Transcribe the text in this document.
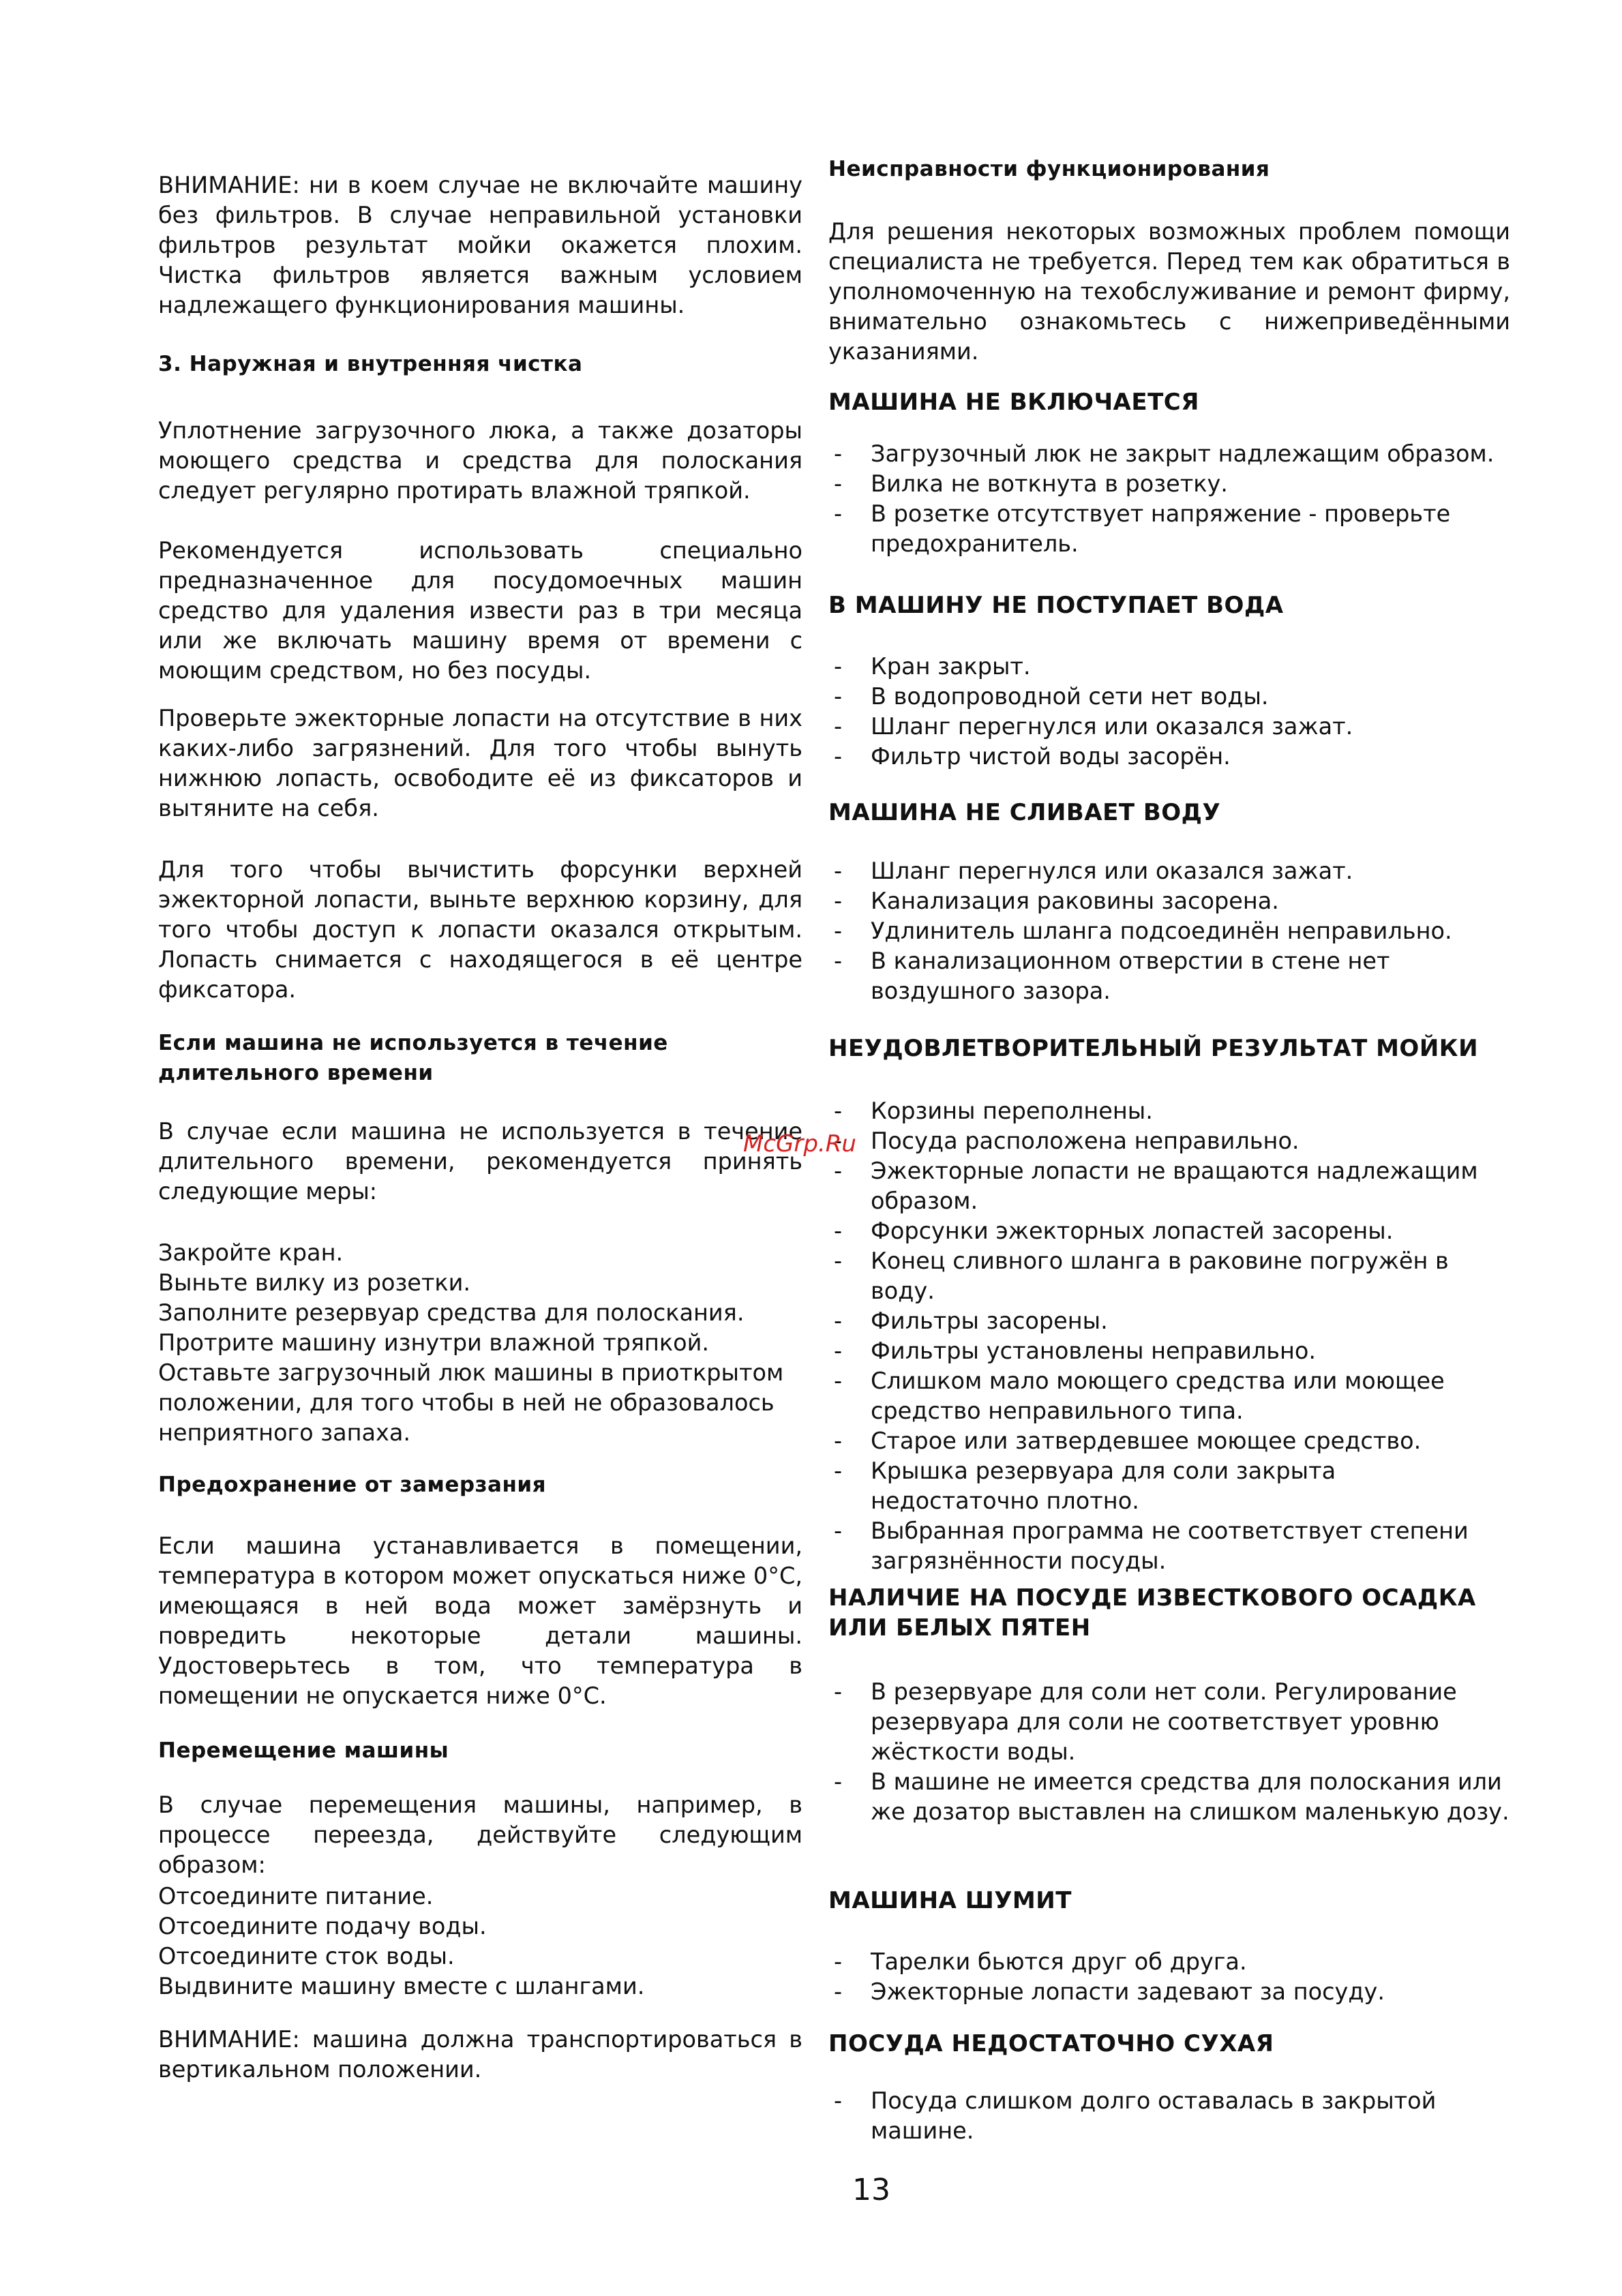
ВНИМАНИЕ: ни в коем случае не включайте машину без фильтров. В случае неправильной установки фильтров результат мойки окажется плохим. Чистка фильтров является важным условием надлежащего функционирования машины.

3. Наружная и внутренняя чистка

Уплотнение загрузочного люка, а также дозаторы моющего средства и средства для полоскания следует регулярно протирать влажной тряпкой.

Рекомендуется использовать специально предназначенное для посудомоечных машин средство для удаления извести раз в три месяца или же включать машину время от времени с моющим средством, но без посуды.

Проверьте эжекторные лопасти на отсутствие в них каких-либо загрязнений. Для того чтобы вынуть нижнюю лопасть, освободите её из фиксаторов и вытяните на себя.

Для того чтобы вычистить форсунки верхней эжекторной лопасти, выньте верхнюю корзину, для того чтобы доступ к лопасти оказался открытым. Лопасть снимается с находящегося в её центре фиксатора.

Если машина не используется в течение длительного времени

В случае если машина не используется в течение длительного времени, рекомендуется принять следующие меры:

Закройте кран.
Выньте вилку из розетки.
Заполните резервуар средства для полоскания.
Протрите машину изнутри влажной тряпкой.
Оставьте загрузочный люк машины в приоткрытом положении, для того чтобы в ней не образовалось неприятного запаха.
Предохранение от замерзания

Если машина устанавливается в помещении, температура в котором может опускаться ниже 0°С, имеющаяся в ней вода может замёрзнуть и повредить некоторые детали машины. Удостоверьтесь в том, что температура в помещении не опускается ниже 0°С.

Перемещение машины

В случае перемещения машины, например, в процессе переезда, действуйте следующим образом:

Отсоедините питание.
Отсоедините подачу воды.
Отсоедините сток воды.
Выдвините машину вместе с шлангами.

ВНИМАНИЕ: машина должна транспортироваться в вертикальном положении.

Неисправности функционирования

Для решения некоторых возможных проблем помощи специалиста не требуется. Перед тем как обратиться в уполномоченную на техобслуживание и ремонт фирму, внимательно ознакомьтесь с нижеприведёнными указаниями.

МАШИНА НЕ ВКЛЮЧАЕТСЯ
- Загрузочный люк не закрыт надлежащим образом.
- Вилка не воткнута в розетку.
- В розетке отсутствует напряжение - проверьте предохранитель.
В МАШИНУ НЕ ПОСТУПАЕТ ВОДА
- Кран закрыт.
- В водопроводной сети нет воды.
- Шланг перегнулся или оказался зажат.
- Фильтр чистой воды засорён.
МАШИНА НЕ СЛИВАЕТ ВОДУ
- Шланг перегнулся или оказался зажат.
- Канализация раковины засорена.
- Удлинитель шланга подсоединён неправильно.
- В канализационном отверстии в стене нет воздушного зазора.
НЕУДОВЛЕТВОРИТЕЛЬНЫЙ РЕЗУЛЬТАТ МОЙКИ
- Корзины переполнены.
- Посуда расположена неправильно.
- Эжекторные лопасти не вращаются надлежащим образом.
- Форсунки эжекторных лопастей засорены.
- Конец сливного шланга в раковине погружён в воду.
- Фильтры засорены.
- Фильтры установлены неправильно.
- Слишком мало моющего средства или моющее средство неправильного типа.
- Старое или затвердевшее моющее средство.
- Крышка резервуара для соли закрыта недостаточно плотно.
- Выбранная программа не соответствует степени загрязнённости посуды.
НАЛИЧИЕ НА ПОСУДЕ ИЗВЕСТКОВОГО ОСАДКА ИЛИ БЕЛЫХ ПЯТЕН
- В резервуаре для соли нет соли. Регулирование резервуара для соли не соответствует уровню жёсткости воды.
- В машине не имеется средства для полоскания или же дозатор выставлен на слишком маленькую дозу.
МАШИНА ШУМИТ
- Тарелки бьются друг об друга.
- Эжекторные лопасти задевают за посуду.
ПОСУДА НЕДОСТАТОЧНО СУХАЯ
- Посуда слишком долго оставалась в закрытой машине.
McGrp.Ru
13
